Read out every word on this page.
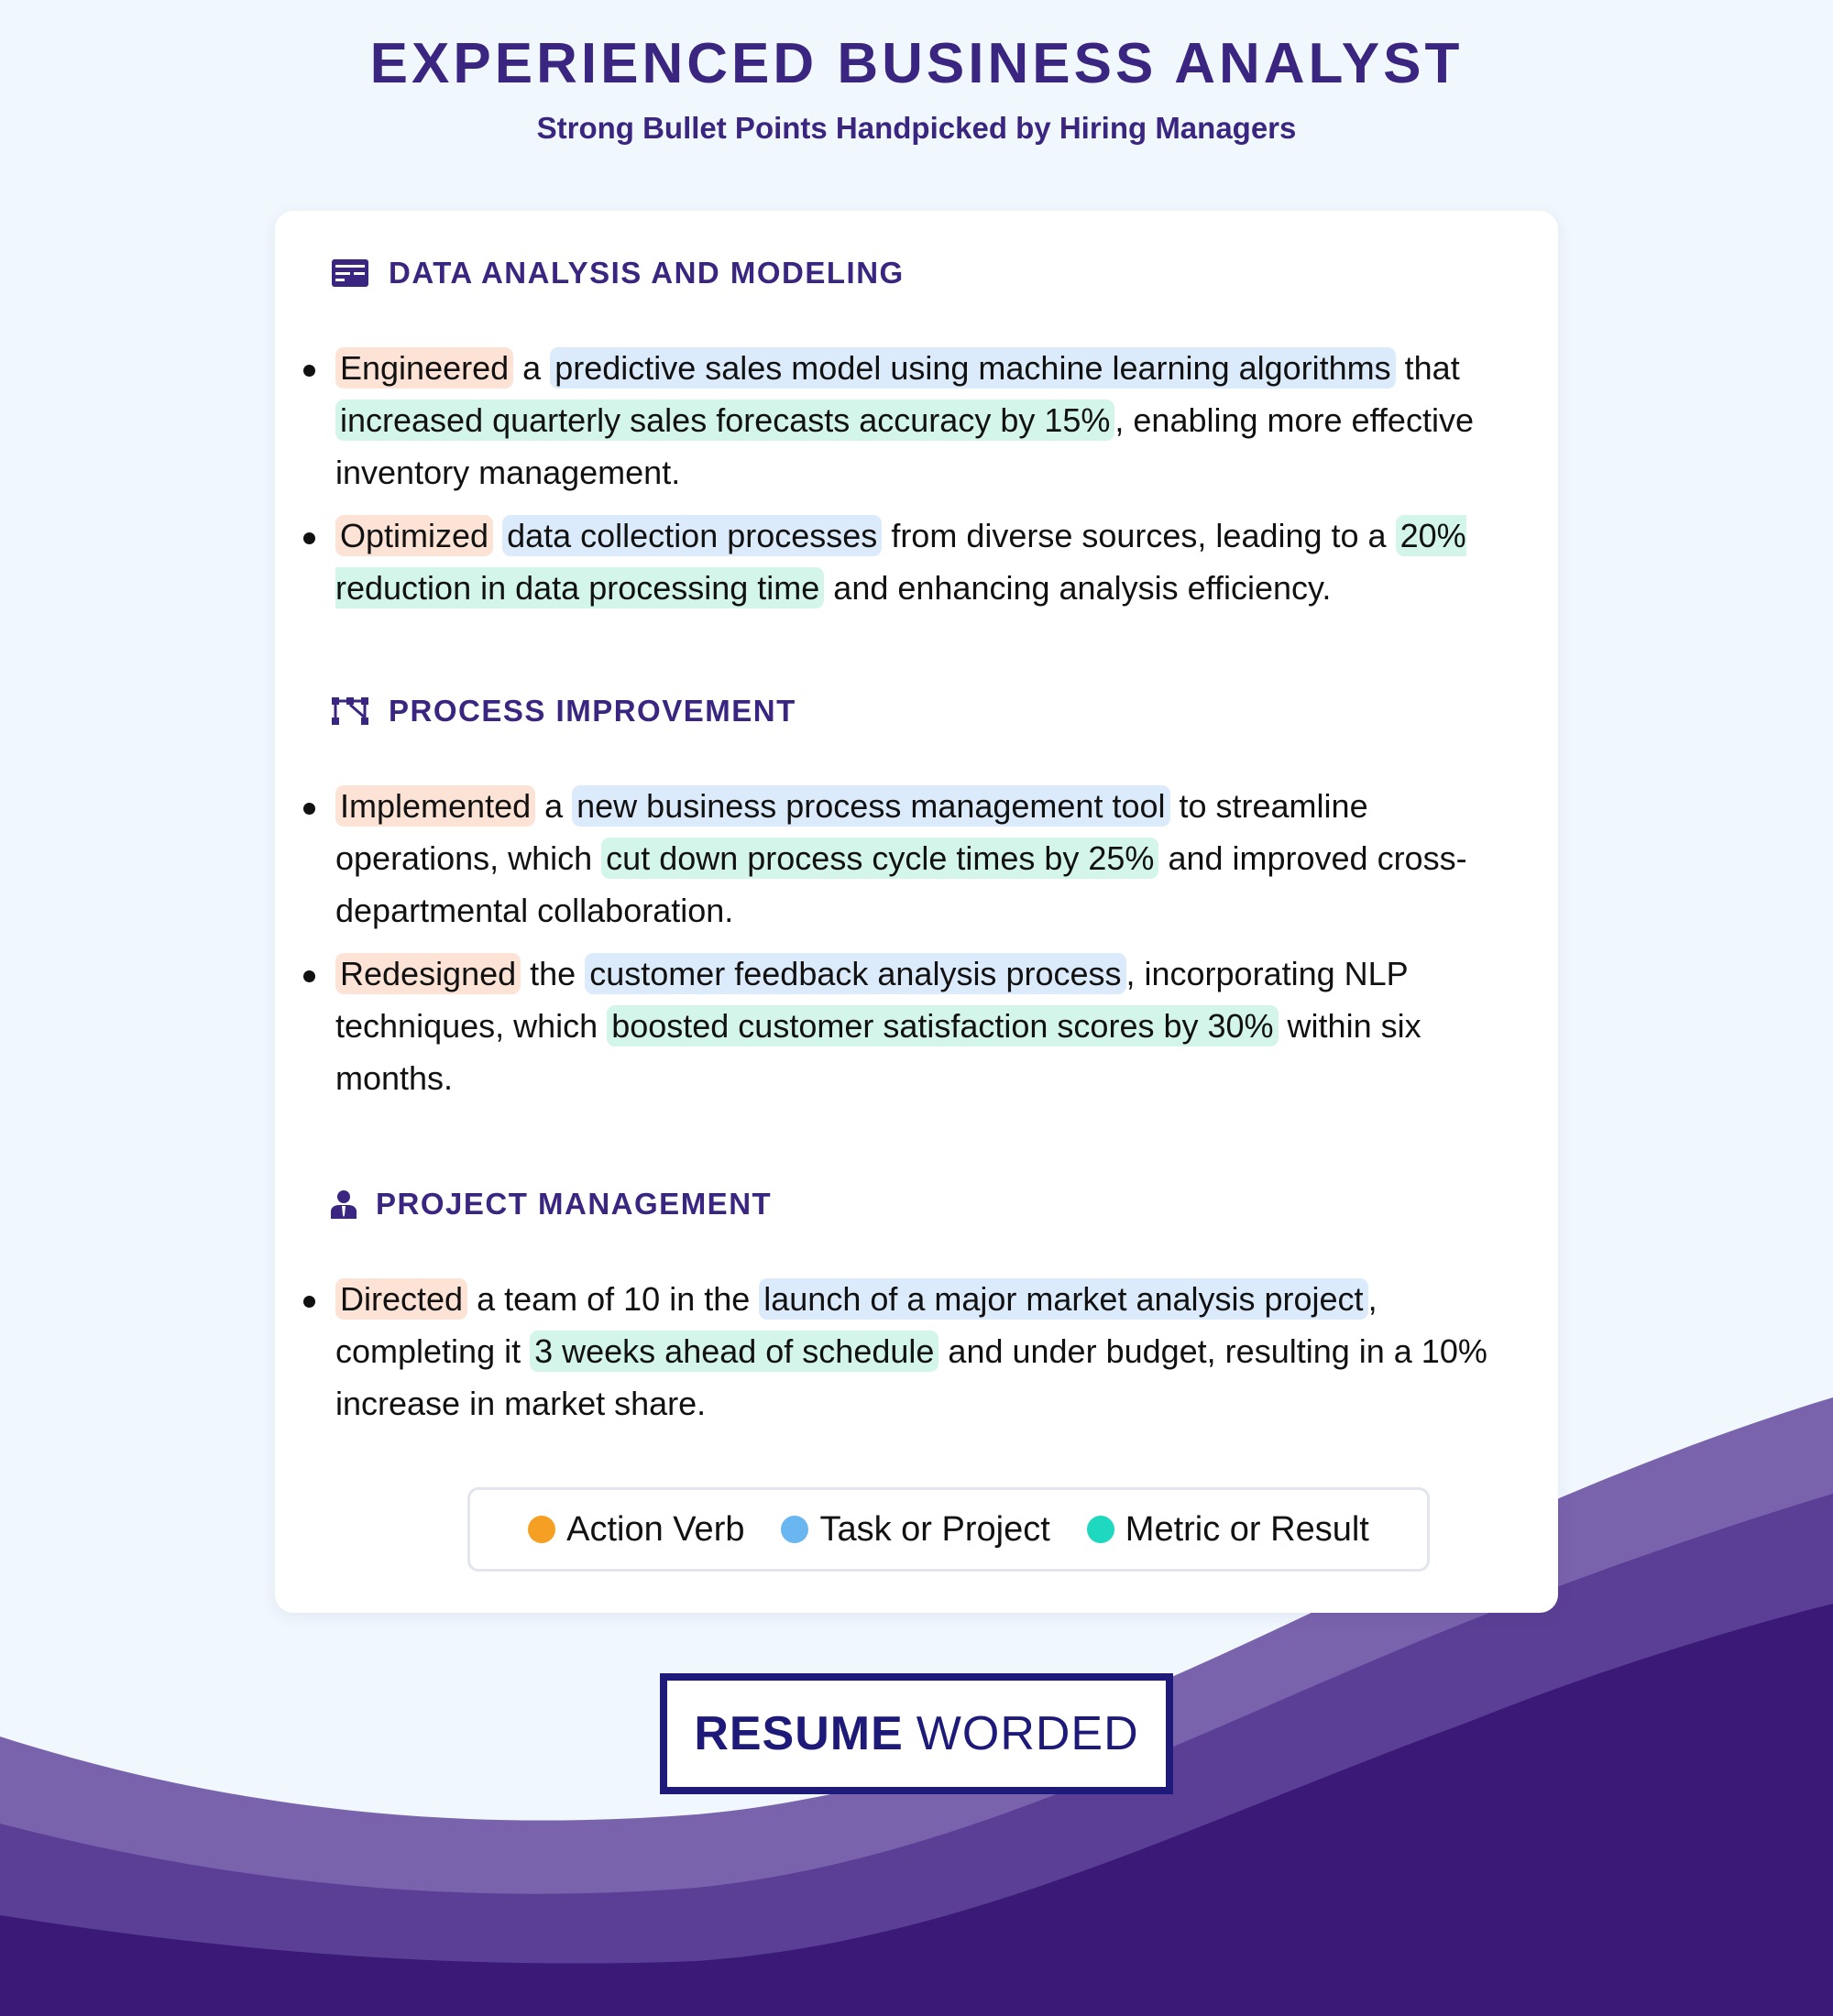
EXPERIENCED BUSINESS ANALYST
Strong Bullet Points Handpicked by Hiring Managers
DATA ANALYSIS AND MODELING
Engineered a predictive sales model using machine learning algorithms that increased quarterly sales forecasts accuracy by 15% , enabling more effective inventory management.
Optimized data collection processes from diverse sources, leading to a 20% reduction in data processing time and enhancing analysis efficiency.
PROCESS IMPROVEMENT
Implemented a new business process management tool to streamline operations, which cut down process cycle times by 25% and improved cross-departmental collaboration.
Redesigned the customer feedback analysis process , incorporating NLP techniques, which boosted customer satisfaction scores by 30% within six months.
PROJECT MANAGEMENT
Directed a team of 10 in the launch of a major market analysis project , completing it 3 weeks ahead of schedule and under budget, resulting in a 10% increase in market share.
Action Verb Task or Project Metric or Result
RESUME WORDED
